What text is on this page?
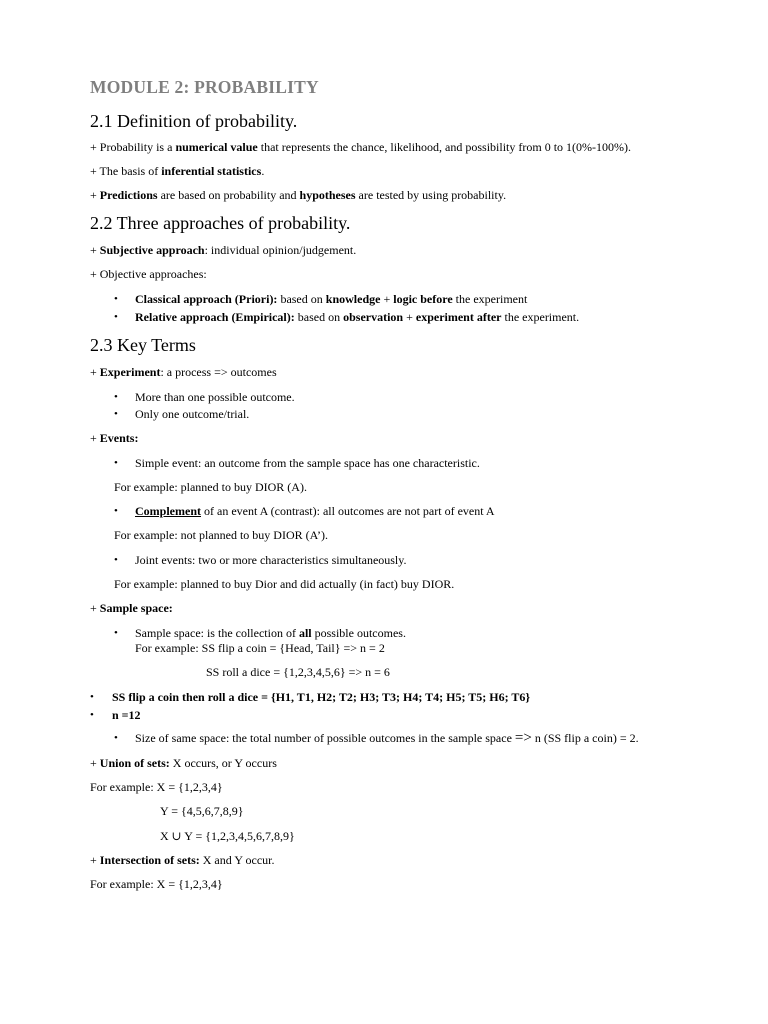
MODULE 2: PROBABILITY
2.1 Definition of probability.
+ Probability is a numerical value that represents the chance, likelihood, and possibility from 0 to 1(0%-100%).
+ The basis of inferential statistics.
+ Predictions are based on probability and hypotheses are tested by using probability.
2.2 Three approaches of probability.
+ Subjective approach: individual opinion/judgement.
+ Objective approaches:
• Classical approach (Priori): based on knowledge + logic before the experiment
• Relative approach (Empirical): based on observation + experiment after the experiment.
2.3 Key Terms
+ Experiment: a process => outcomes
• More than one possible outcome.
• Only one outcome/trial.
+ Events:
• Simple event: an outcome from the sample space has one characteristic.
For example: planned to buy DIOR (A).
• Complement of an event A (contrast): all outcomes are not part of event A
For example: not planned to buy DIOR (A’).
• Joint events: two or more characteristics simultaneously.
For example: planned to buy Dior and did actually (in fact) buy DIOR.
+ Sample space:
• Sample space: is the collection of all possible outcomes.
For example: SS flip a coin = {Head, Tail} => n = 2
SS roll a dice = {1,2,3,4,5,6} => n = 6
• SS flip a coin then roll a dice = {H1, T1, H2; T2; H3; T3; H4; T4; H5; T5; H6; T6}
• n =12
• Size of same space: the total number of possible outcomes in the sample space => n (SS flip a coin) = 2.
+ Union of sets: X occurs, or Y occurs
For example: X = {1,2,3,4}
Y = {4,5,6,7,8,9}
X ∪ Y = {1,2,3,4,5,6,7,8,9}
+ Intersection of sets: X and Y occur.
For example: X = {1,2,3,4}
